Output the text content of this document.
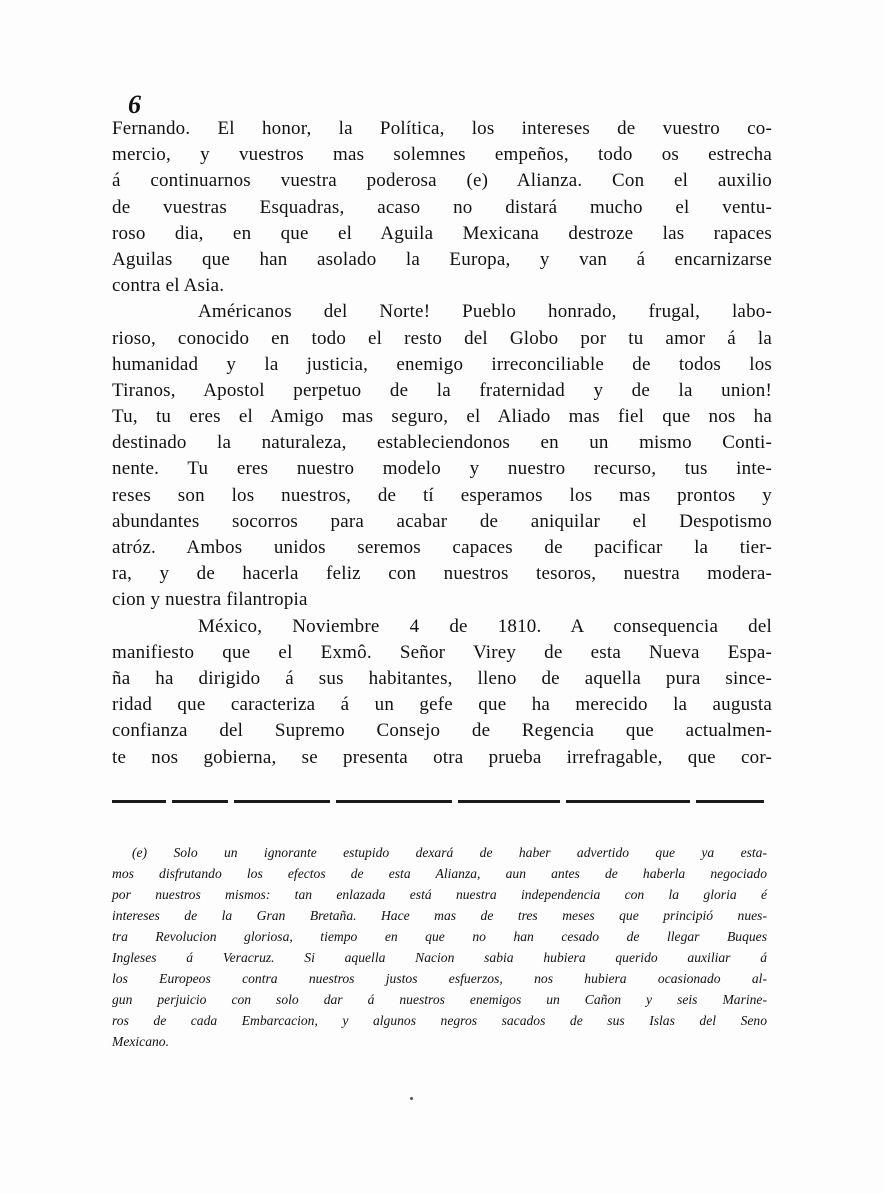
6
Fernando. El honor, la Política, los intereses de vuestro co-
mercio, y vuestros mas solemnes empeños, todo os estrecha
á continuarnos vuestra poderosa (e) Alianza. Con el auxilio
de vuestras Esquadras, acaso no distará mucho el ventu-
roso dia, en que el Aguila Mexicana destroze las rapaces
Aguilas que han asolado la Europa, y van á encarnizarse
contra el Asia.
Américanos del Norte! Pueblo honrado, frugal, labo-
rioso, conocido en todo el resto del Globo por tu amor á la
humanidad y la justicia, enemigo irreconciliable de todos los
Tiranos, Apostol perpetuo de la fraternidad y de la union!
Tu, tu eres el Amigo mas seguro, el Aliado mas fiel que nos ha
destinado la naturaleza, estableciendonos en un mismo Conti-
nente. Tu eres nuestro modelo y nuestro recurso, tus inte-
reses son los nuestros, de tí esperamos los mas prontos y
abundantes socorros para acabar de aniquilar el Despotismo
atróz. Ambos unidos seremos capaces de pacificar la tier-
ra, y de hacerla feliz con nuestros tesoros, nuestra modera-
cion y nuestra filantropia
México, Noviembre 4 de 1810. A consequencia del
manifiesto que el Exmô. Señor Virey de esta Nueva Espa-
ña ha dirigido á sus habitantes, lleno de aquella pura since-
ridad que caracteriza á un gefe que ha merecido la augusta
confianza del Supremo Consejo de Regencia que actualmen-
te nos gobierna, se presenta otra prueba irrefragable, que cor-
(e) Solo un ignorante estupido dexará de haber advertido que ya esta-
mos disfrutando los efectos de esta Alianza, aun antes de haberla negociado
por nuestros mismos: tan enlazada está nuestra independencia con la gloria é
intereses de la Gran Bretaña. Hace mas de tres meses que principió nues-
tra Revolucion gloriosa, tiempo en que no han cesado de llegar Buques
Ingleses á Veracruz. Si aquella Nacion sabia hubiera querido auxiliar á
los Europeos contra nuestros justos esfuerzos, nos hubiera ocasionado al-
gun perjuicio con solo dar á nuestros enemigos un Cañon y seis Marine-
ros de cada Embarcacion, y algunos negros sacados de sus Islas del Seno
Mexicano.
